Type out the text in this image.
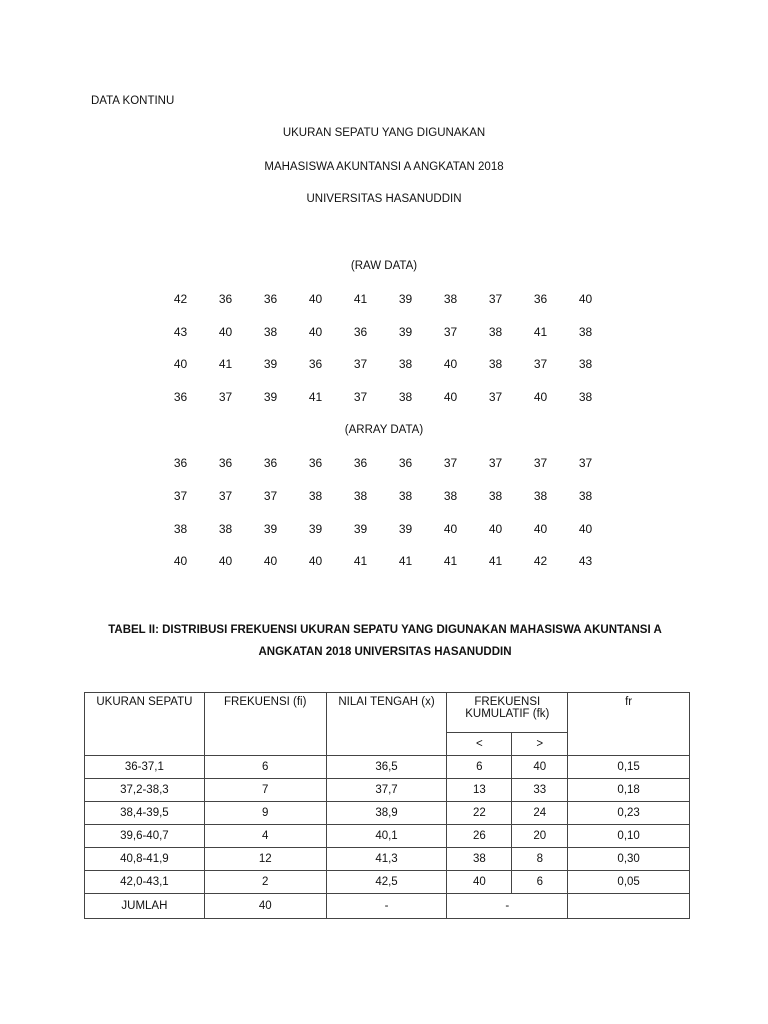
DATA KONTINU
UKURAN SEPATU YANG DIGUNAKAN
MAHASISWA AKUNTANSI A ANGKATAN 2018
UNIVERSITAS HASANUDDIN
(RAW DATA)
42	36	36	40	41	39	38	37	36	40
43	40	38	40	36	39	37	38	41	38
40	41	39	36	37	38	40	38	37	38
36	37	39	41	37	38	40	37	40	38
(ARRAY DATA)
36	36	36	36	36	36	37	37	37	37
37	37	37	38	38	38	38	38	38	38
38	38	39	39	39	39	40	40	40	40
40	40	40	40	41	41	41	41	42	43
TABEL II: DISTRIBUSI FREKUENSI UKURAN SEPATU YANG DIGUNAKAN MAHASISWA AKUNTANSI A
ANGKATAN 2018 UNIVERSITAS HASANUDDIN
UKURAN SEPATU	FREKUENSI (fi)	NILAI TENGAH (x)	FREKUENSI
KUMULATIF (fk)		fr
			<	>	
36-37,1	6	36,5	6	40	0,15
37,2-38,3	7	37,7	13	33	0,18
38,4-39,5	9	38,9	22	24	0,23
39,6-40,7	4	40,1	26	20	0,10
40,8-41,9	12	41,3	38	8	0,30
42,0-43,1	2	42,5	40	6	0,05
JUMLAH	40	-	-		
